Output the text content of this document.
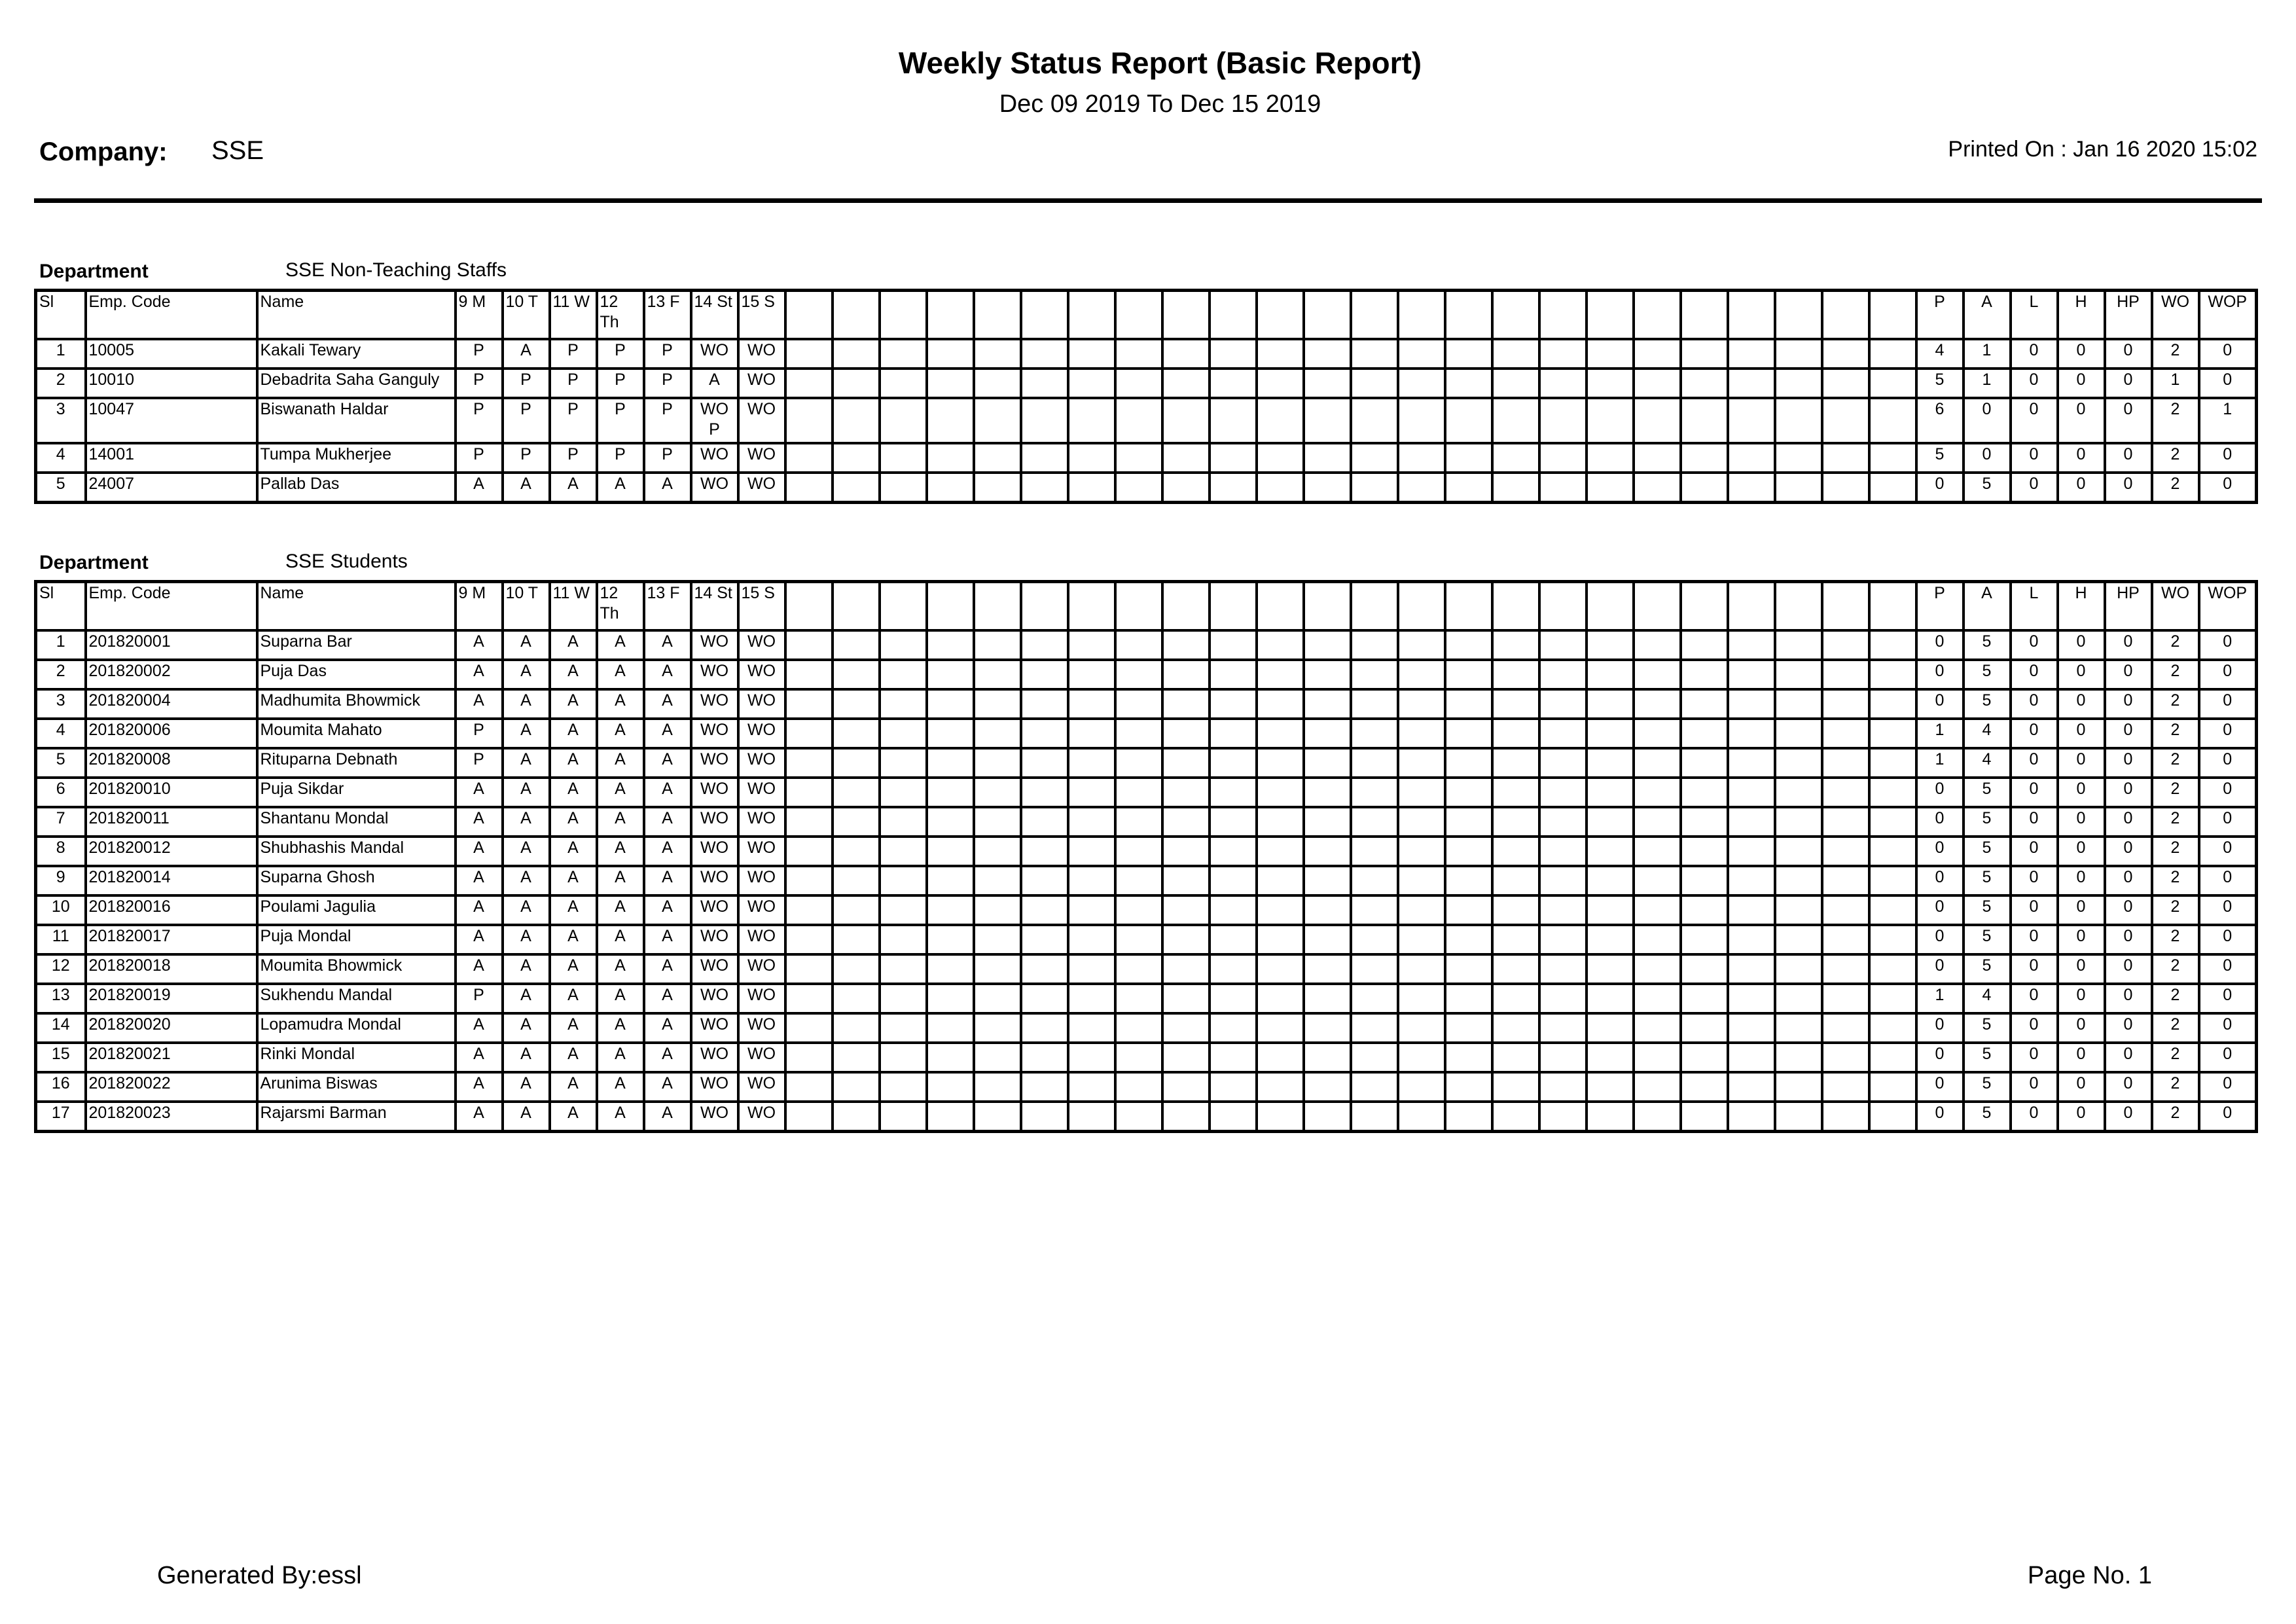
Weekly Status Report (Basic Report)
Dec 09 2019 To Dec 15 2019
Company: SSE	Printed On : Jan 16 2020 15:02
Department	SSE Non-Teaching Staffs
Sl	Emp. Code	Name	9 M	10 T	11 W	12 Th	13 F	14 St	15 S																									P	A	L	H	HP	WO	WOP
1	10005	Kakali Tewary	P	A	P	P	P	WO	WO																									4	1	0	0	0	2	0
2	10010	Debadrita Saha Ganguly	P	P	P	P	P	A	WO																									5	1	0	0	0	1	0
3	10047	Biswanath Haldar	P	P	P	P	P	WO P	WO																									6	0	0	0	0	2	1
4	14001	Tumpa Mukherjee	P	P	P	P	P	WO	WO																									5	0	0	0	0	2	0
5	24007	Pallab Das	A	A	A	A	A	WO	WO																									0	5	0	0	0	2	0
Department	SSE Students
Sl	Emp. Code	Name	9 M	10 T	11 W	12 Th	13 F	14 St	15 S																									P	A	L	H	HP	WO	WOP
1	201820001	Suparna Bar	A	A	A	A	A	WO	WO																									0	5	0	0	0	2	0
2	201820002	Puja Das	A	A	A	A	A	WO	WO																									0	5	0	0	0	2	0
3	201820004	Madhumita Bhowmick	A	A	A	A	A	WO	WO																									0	5	0	0	0	2	0
4	201820006	Moumita Mahato	P	A	A	A	A	WO	WO																									1	4	0	0	0	2	0
5	201820008	Rituparna Debnath	P	A	A	A	A	WO	WO																									1	4	0	0	0	2	0
6	201820010	Puja Sikdar	A	A	A	A	A	WO	WO																									0	5	0	0	0	2	0
7	201820011	Shantanu Mondal	A	A	A	A	A	WO	WO																									0	5	0	0	0	2	0
8	201820012	Shubhashis Mandal	A	A	A	A	A	WO	WO																									0	5	0	0	0	2	0
9	201820014	Suparna Ghosh	A	A	A	A	A	WO	WO																									0	5	0	0	0	2	0
10	201820016	Poulami Jagulia	A	A	A	A	A	WO	WO																									0	5	0	0	0	2	0
11	201820017	Puja Mondal	A	A	A	A	A	WO	WO																									0	5	0	0	0	2	0
12	201820018	Moumita Bhowmick	A	A	A	A	A	WO	WO																									0	5	0	0	0	2	0
13	201820019	Sukhendu Mandal	P	A	A	A	A	WO	WO																									1	4	0	0	0	2	0
14	201820020	Lopamudra Mondal	A	A	A	A	A	WO	WO																									0	5	0	0	0	2	0
15	201820021	Rinki Mondal	A	A	A	A	A	WO	WO																									0	5	0	0	0	2	0
16	201820022	Arunima Biswas	A	A	A	A	A	WO	WO																									0	5	0	0	0	2	0
17	201820023	Rajarsmi Barman	A	A	A	A	A	WO	WO																									0	5	0	0	0	2	0
Generated By:essl	Page No. 1
